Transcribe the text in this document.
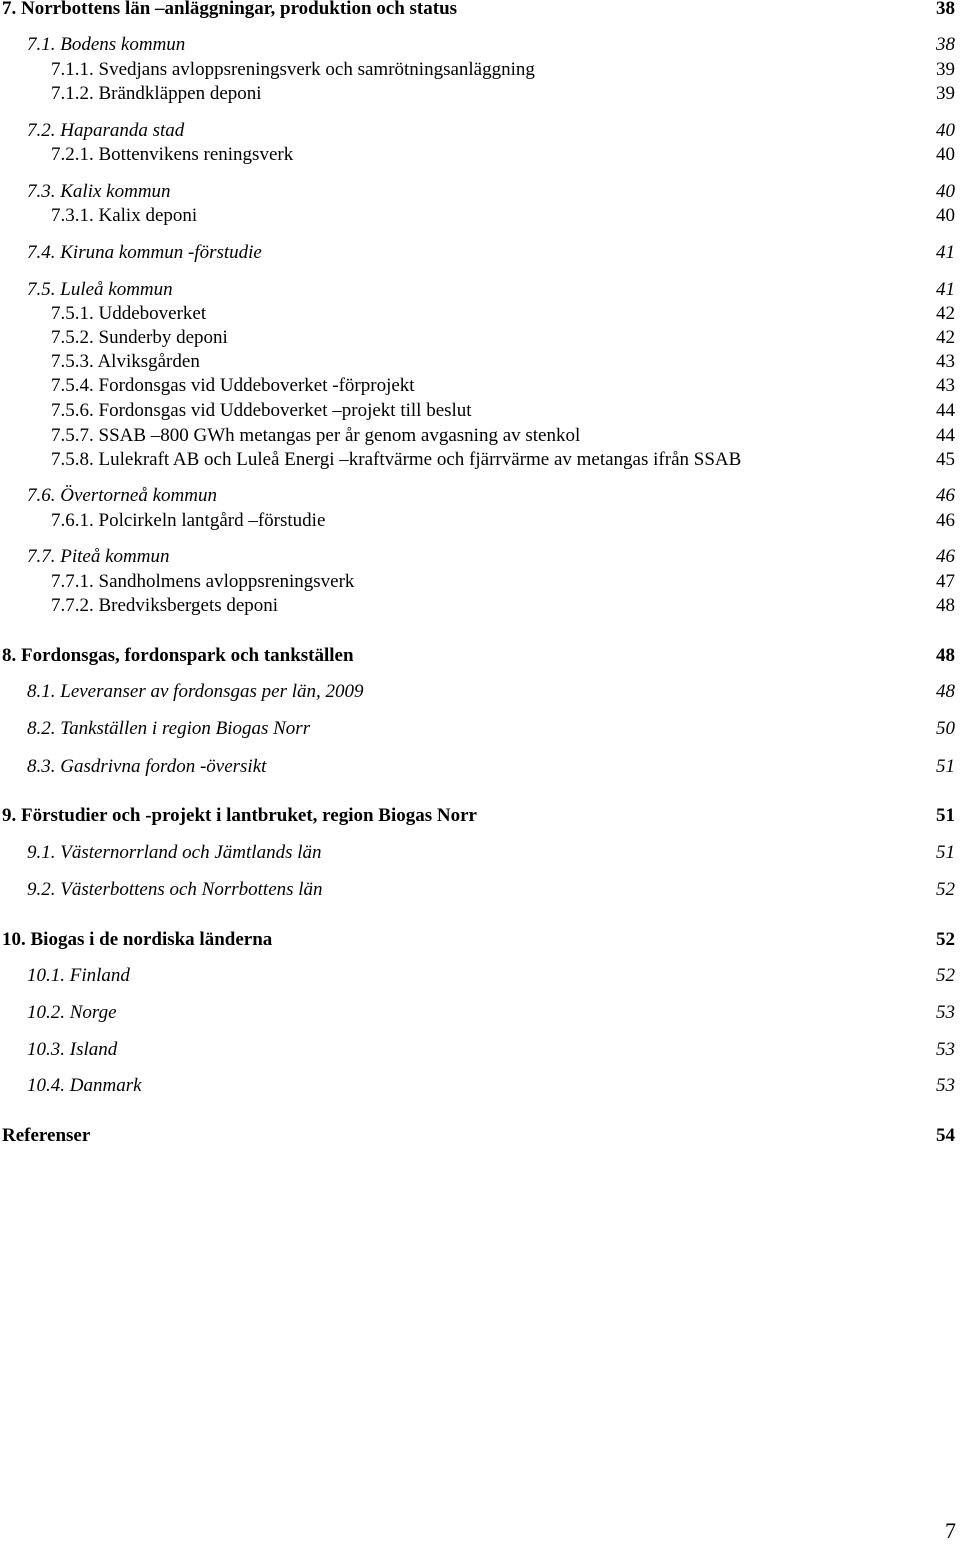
7. Norrbottens län –anläggningar, produktion och status	38
7.1. Bodens kommun	38
7.1.1. Svedjans avloppsreningsverk och samrötningsanläggning	39
7.1.2. Brändkläppen deponi	39
7.2. Haparanda stad	40
7.2.1. Bottenvikens reningsverk	40
7.3. Kalix kommun	40
7.3.1. Kalix deponi	40
7.4. Kiruna kommun -förstudie	41
7.5. Luleå kommun	41
7.5.1. Uddeboverket	42
7.5.2. Sunderby deponi	42
7.5.3. Alviksgården	43
7.5.4. Fordonsgas vid Uddeboverket -förprojekt	43
7.5.6. Fordonsgas vid Uddeboverket –projekt till beslut	44
7.5.7. SSAB –800 GWh metangas per år genom avgasning av stenkol	44
7.5.8. Lulekraft AB och Luleå Energi –kraftvärme och fjärrvärme av metangas ifrån SSAB	45
7.6. Övertorneå kommun	46
7.6.1. Polcirkeln lantgård –förstudie	46
7.7. Piteå kommun	46
7.7.1. Sandholmens avloppsreningsverk	47
7.7.2. Bredviksbergets deponi	48
8. Fordonsgas, fordonspark och tankställen	48
8.1. Leveranser av fordonsgas per län, 2009	48
8.2. Tankställen i region Biogas Norr	50
8.3. Gasdrivna fordon -översikt	51
9. Förstudier och -projekt i lantbruket, region Biogas Norr	51
9.1. Västernorrland och Jämtlands län	51
9.2. Västerbottens och Norrbottens län	52
10. Biogas i de nordiska länderna	52
10.1. Finland	52
10.2. Norge	53
10.3. Island	53
10.4. Danmark	53
Referenser	54
7
